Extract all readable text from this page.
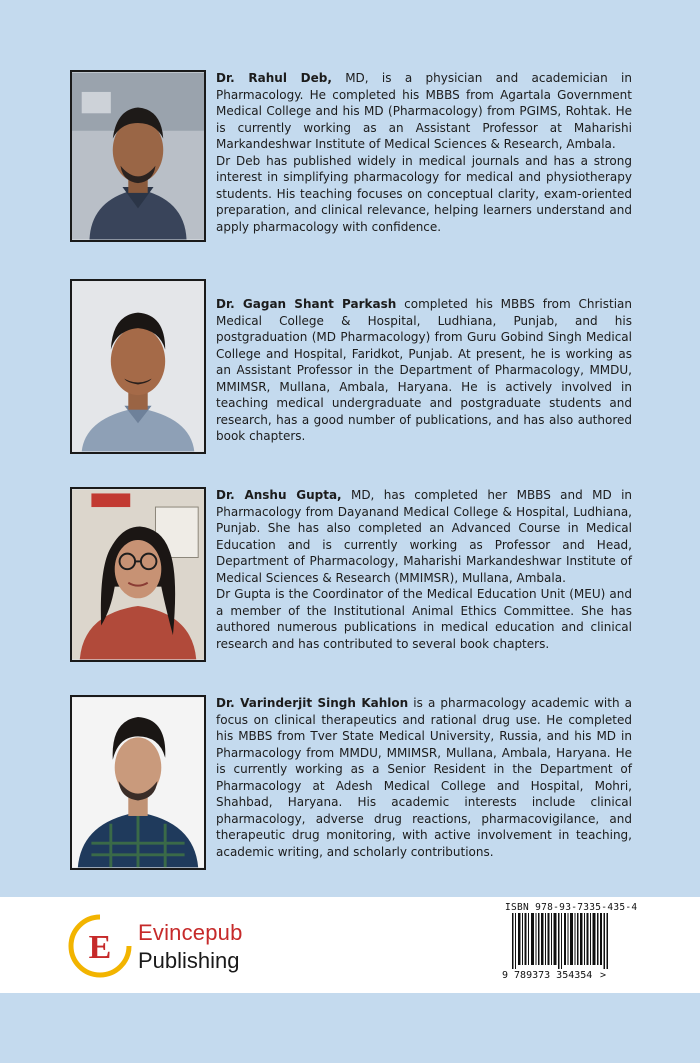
Dr. Rahul Deb, MD, is a physician and academician in Pharmacology. He completed his MBBS from Agartala Government Medical College and his MD (Pharmacology) from PGIMS, Rohtak. He is currently working as an Assistant Professor at Maharishi Markandeshwar Institute of Medical Sciences & Research, Ambala.

Dr Deb has published widely in medical journals and has a strong interest in simplifying pharmacology for medical and physiotherapy students. His teaching focuses on conceptual clarity, exam-oriented preparation, and clinical relevance, helping learners understand and apply pharmacology with confidence.

Dr. Gagan Shant Parkash completed his MBBS from Christian Medical College & Hospital, Ludhiana, Punjab, and his postgraduation (MD Pharmacology) from Guru Gobind Singh Medical College and Hospital, Faridkot, Punjab. At present, he is working as an Assistant Professor in the Department of Pharmacology, MMDU, MMIMSR, Mullana, Ambala, Haryana. He is actively involved in teaching medical undergraduate and postgraduate students and research, has a good number of publications, and has also authored book chapters.

Dr. Anshu Gupta, MD, has completed her MBBS and MD in Pharmacology from Dayanand Medical College & Hospital, Ludhiana, Punjab. She has also completed an Advanced Course in Medical Education and is currently working as Professor and Head, Department of Pharmacology, Maharishi Markandeshwar Institute of Medical Sciences & Research (MMIMSR), Mullana, Ambala.

Dr Gupta is the Coordinator of the Medical Education Unit (MEU) and a member of the Institutional Animal Ethics Committee. She has authored numerous publications in medical education and clinical research and has contributed to several book chapters.

Dr. Varinderjit Singh Kahlon is a pharmacology academic with a focus on clinical therapeutics and rational drug use. He completed his MBBS from Tver State Medical University, Russia, and his MD in Pharmacology from MMDU, MMIMSR, Mullana, Ambala, Haryana. He is currently working as a Senior Resident in the Department of Pharmacology at Adesh Medical College and Hospital, Mohri, Shahbad, Haryana. His academic interests include clinical pharmacology, adverse drug reactions, pharmacovigilance, and therapeutic drug monitoring, with active involvement in teaching, academic writing, and scholarly contributions.

E Evincepub
Publishing
ISBN 978-93-7335-435-4
9 789373 354354 >
